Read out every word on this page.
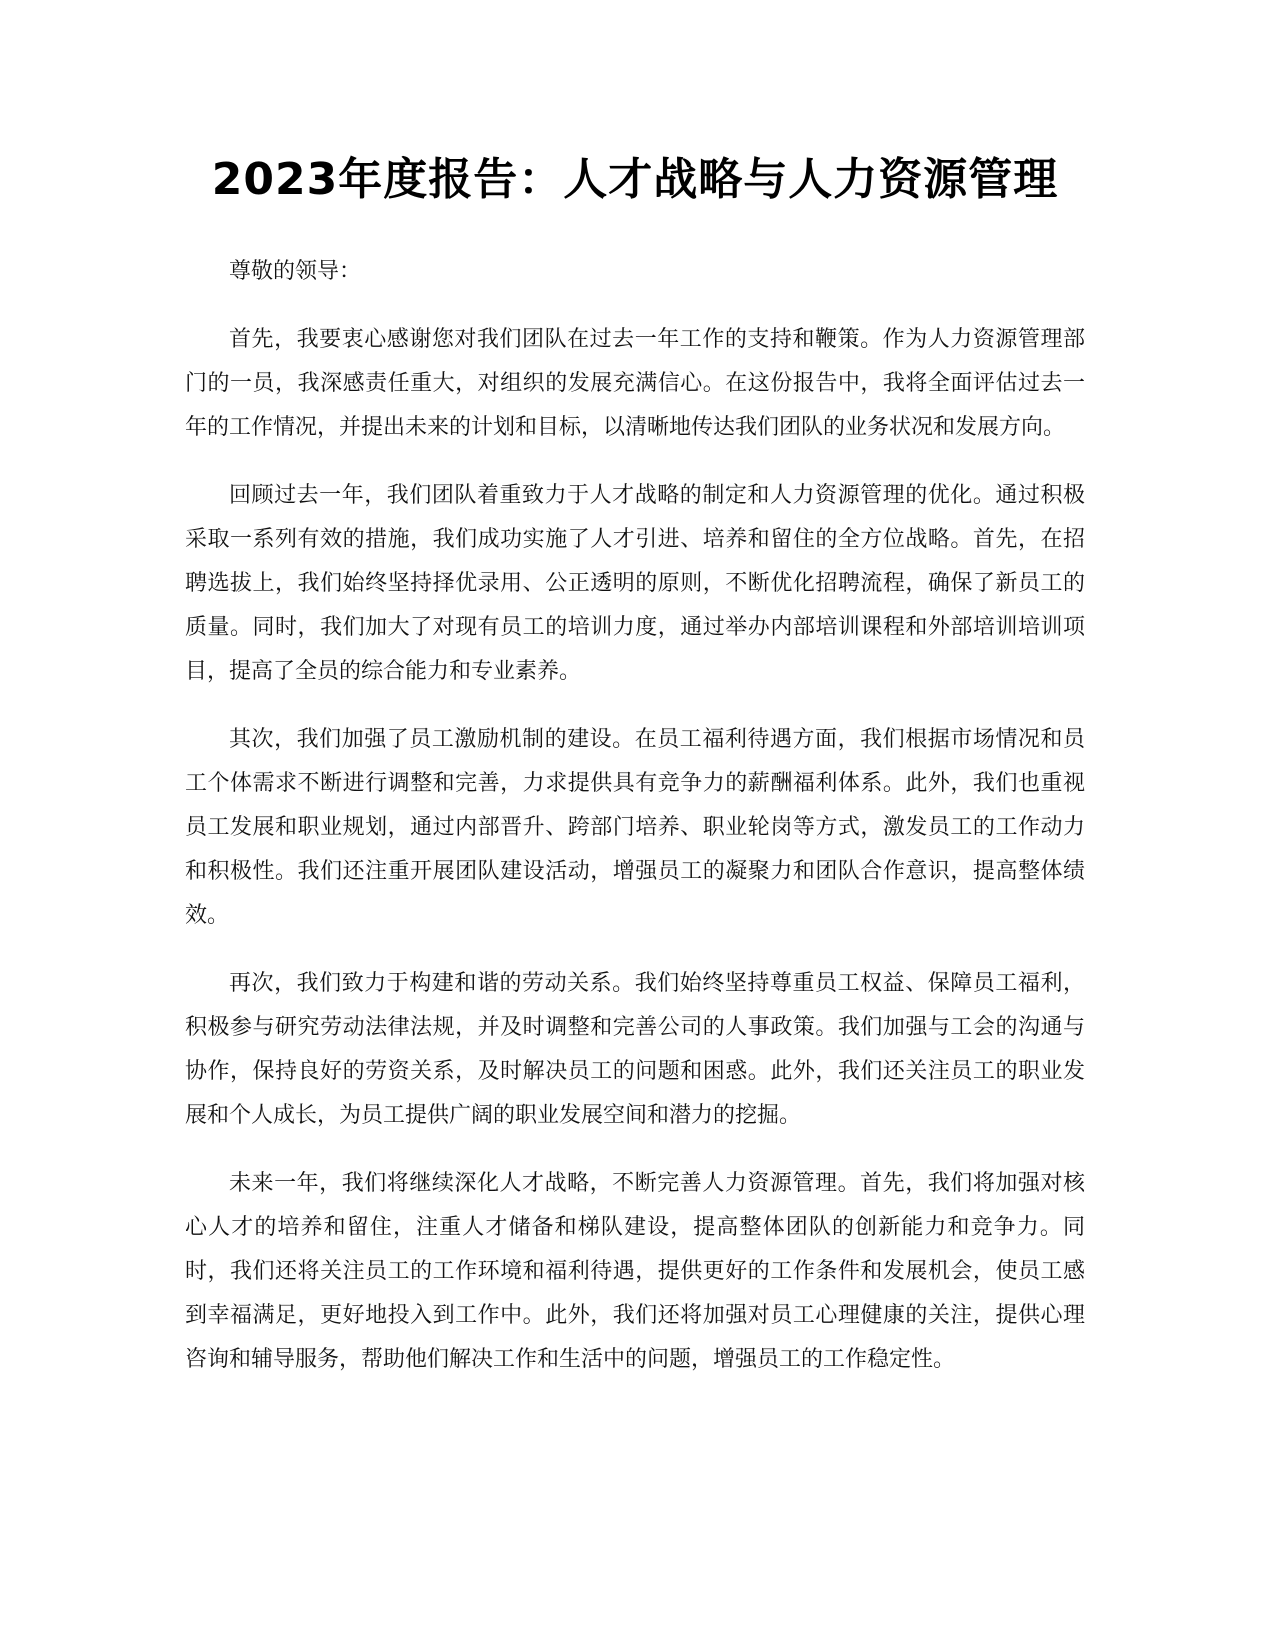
2023年度报告：人才战略与人力资源管理

尊敬的领导：

首先，我要衷心感谢您对我们团队在过去一年工作的支持和鞭策。作为人力资源管理部门的一员，我深感责任重大，对组织的发展充满信心。在这份报告中，我将全面评估过去一年的工作情况，并提出未来的计划和目标，以清晰地传达我们团队的业务状况和发展方向。

回顾过去一年，我们团队着重致力于人才战略的制定和人力资源管理的优化。通过积极采取一系列有效的措施，我们成功实施了人才引进、培养和留住的全方位战略。首先，在招聘选拔上，我们始终坚持择优录用、公正透明的原则，不断优化招聘流程，确保了新员工的质量。同时，我们加大了对现有员工的培训力度，通过举办内部培训课程和外部培训培训项目，提高了全员的综合能力和专业素养。

其次，我们加强了员工激励机制的建设。在员工福利待遇方面，我们根据市场情况和员工个体需求不断进行调整和完善，力求提供具有竞争力的薪酬福利体系。此外，我们也重视员工发展和职业规划，通过内部晋升、跨部门培养、职业轮岗等方式，激发员工的工作动力和积极性。我们还注重开展团队建设活动，增强员工的凝聚力和团队合作意识，提高整体绩效。

再次，我们致力于构建和谐的劳动关系。我们始终坚持尊重员工权益、保障员工福利，积极参与研究劳动法律法规，并及时调整和完善公司的人事政策。我们加强与工会的沟通与协作，保持良好的劳资关系，及时解决员工的问题和困惑。此外，我们还关注员工的职业发展和个人成长，为员工提供广阔的职业发展空间和潜力的挖掘。

未来一年，我们将继续深化人才战略，不断完善人力资源管理。首先，我们将加强对核心人才的培养和留住，注重人才储备和梯队建设，提高整体团队的创新能力和竞争力。同时，我们还将关注员工的工作环境和福利待遇，提供更好的工作条件和发展机会，使员工感到幸福满足，更好地投入到工作中。此外，我们还将加强对员工心理健康的关注，提供心理咨询和辅导服务，帮助他们解决工作和生活中的问题，增强员工的工作稳定性。
